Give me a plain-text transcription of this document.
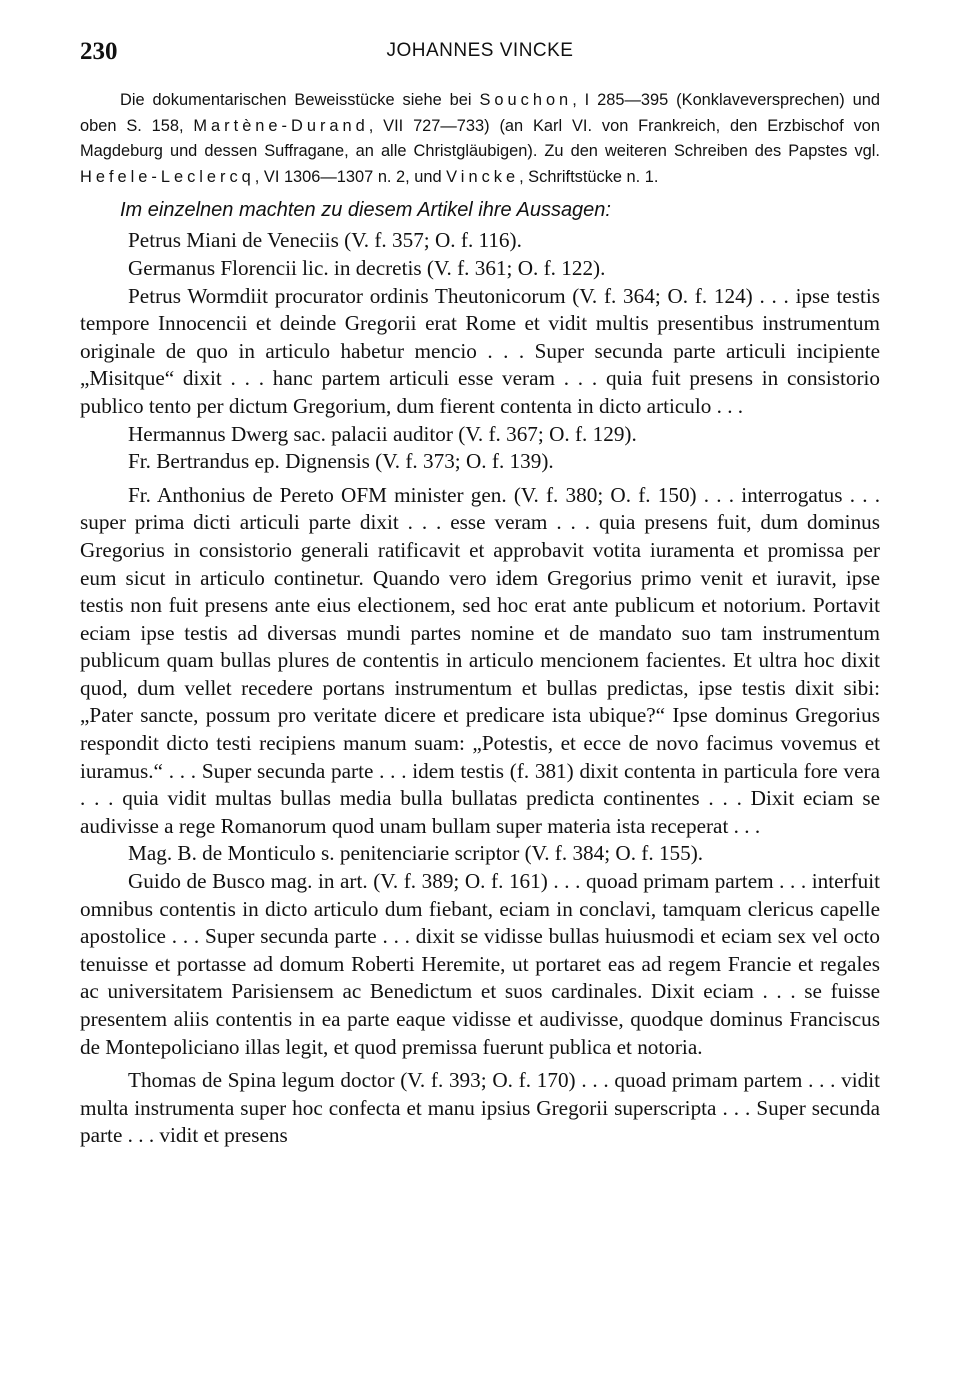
230	JOHANNES VINCKE

Die dokumentarischen Beweisstücke siehe bei Souchon, I 285—395 (Konklaveversprechen) und oben S. 158, Martène-Durand, VII 727—733) (an Karl VI. von Frankreich, den Erzbischof von Magdeburg und dessen Suffragane, an alle Christgläubigen). Zu den weiteren Schreiben des Papstes vgl. Hefele-Leclercq, VI 1306—1307 n. 2, und Vincke, Schriftstücke n. 1.

Im einzelnen machten zu diesem Artikel ihre Aussagen:

Petrus Miani de Veneciis (V. f. 357; O. f. 116).

Germanus Florencii lic. in decretis (V. f. 361; O. f. 122).

Petrus Wormdiit procurator ordinis Theutonicorum (V. f. 364; O. f. 124) . . . ipse testis tempore Innocencii et deinde Gregorii erat Rome et vidit multis presentibus instrumentum originale de quo in articulo habetur mencio . . . Super secunda parte articuli incipiente „Misitque“ dixit . . . hanc partem articuli esse veram . . . quia fuit presens in consistorio publico tento per dictum Gregorium, dum fierent contenta in dicto articulo . . .

Hermannus Dwerg sac. palacii auditor (V. f. 367; O. f. 129).

Fr. Bertrandus ep. Dignensis (V. f. 373; O. f. 139).

Fr. Anthonius de Pereto OFM minister gen. (V. f. 380; O. f. 150) . . . interrogatus . . . super prima dicti articuli parte dixit . . . esse veram . . . quia presens fuit, dum dominus Gregorius in consistorio generali ratificavit et approbavit votita iuramenta et promissa per eum sicut in articulo continetur. Quando vero idem Gregorius primo venit et iuravit, ipse testis non fuit presens ante eius electionem, sed hoc erat ante publicum et notorium. Portavit eciam ipse testis ad diversas mundi partes nomine et de mandato suo tam instrumentum publicum quam bullas plures de contentis in articulo mencionem facientes. Et ultra hoc dixit quod, dum vellet recedere portans instrumentum et bullas predictas, ipse testis dixit sibi: „Pater sancte, possum pro veritate dicere et predicare ista ubique?“ Ipse dominus Gregorius respondit dicto testi recipiens manum suam: „Potestis, et ecce de novo facimus vovemus et iuramus.“ . . . Super secunda parte . . . idem testis (f. 381) dixit contenta in particula fore vera . . . quia vidit multas bullas media bulla bullatas predicta continentes . . . Dixit eciam se audivisse a rege Romanorum quod unam bullam super materia ista receperat . . .

Mag. B. de Monticulo s. penitenciarie scriptor (V. f. 384; O. f. 155).

Guido de Busco mag. in art. (V. f. 389; O. f. 161) . . . quoad primam partem . . . interfuit omnibus contentis in dicto articulo dum fiebant, eciam in conclavi, tamquam clericus capelle apostolice . . . Super secunda parte . . . dixit se vidisse bullas huiusmodi et eciam sex vel octo tenuisse et portasse ad domum Roberti Heremite, ut portaret eas ad regem Francie et regales ac universitatem Parisiensem ac Benedictum et suos cardinales. Dixit eciam . . . se fuisse presentem aliis contentis in ea parte eaque vidisse et audivisse, quodque dominus Franciscus de Montepoliciano illas legit, et quod premissa fuerunt publica et notoria.

Thomas de Spina legum doctor (V. f. 393; O. f. 170) . . . quoad primam partem . . . vidit multa instrumenta super hoc confecta et manu ipsius Gregorii superscripta . . . Super secunda parte . . . vidit et presens
